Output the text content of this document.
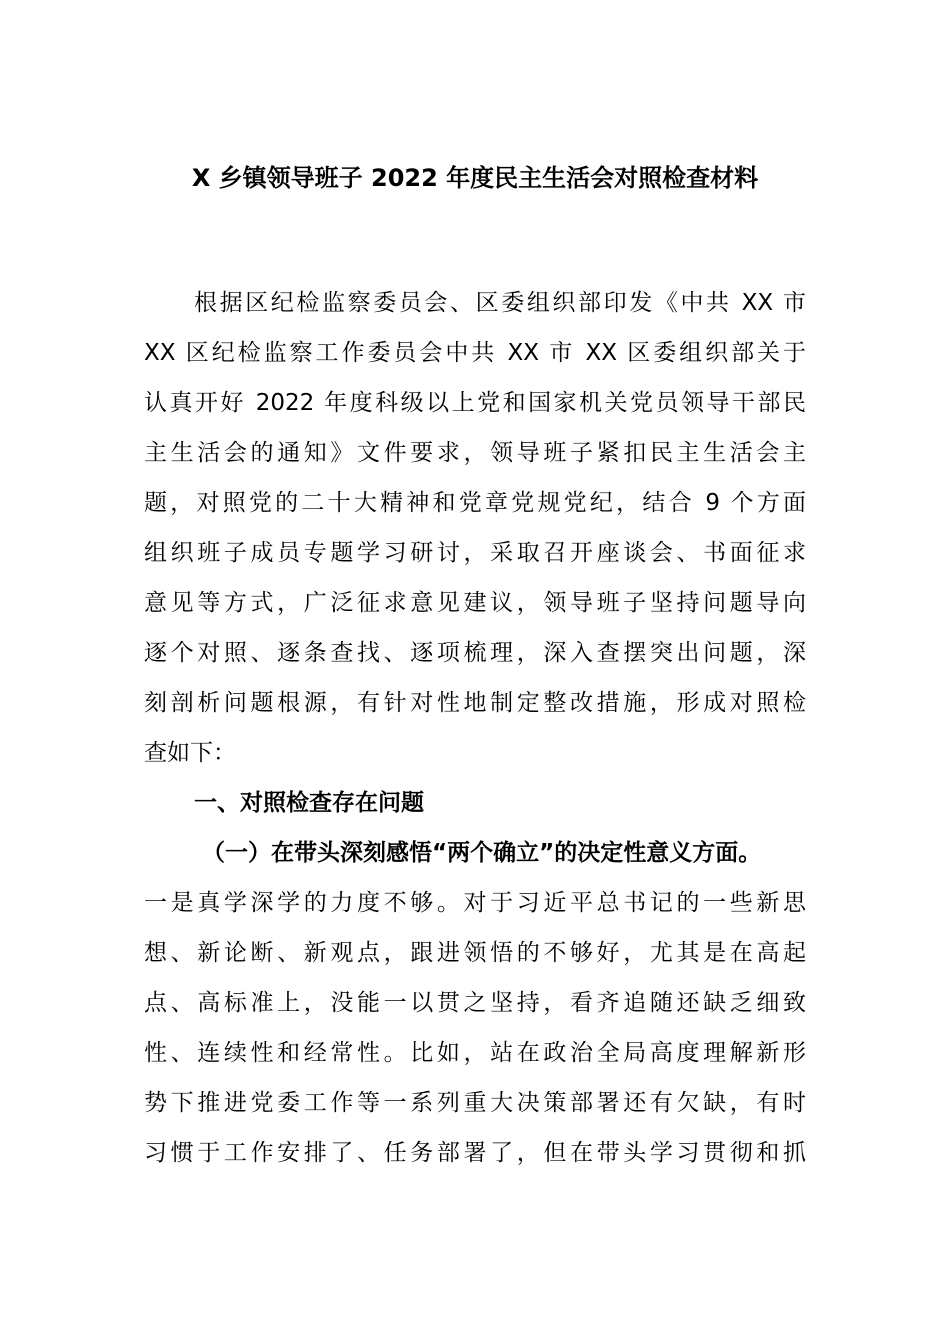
X 乡镇领导班子 2022 年度民主生活会对照检查材料
根据区纪检监察委员会、区委组织部印发《中共 XX 市
XX 区纪检监察工作委员会中共 XX 市 XX 区委组织部关于
认真开好 2022 年度科级以上党和国家机关党员领导干部民
主生活会的通知》文件要求，领导班子紧扣民主生活会主
题，对照党的二十大精神和党章党规党纪，结合 9 个方面
组织班子成员专题学习研讨，采取召开座谈会、书面征求
意见等方式，广泛征求意见建议，领导班子坚持问题导向
逐个对照、逐条查找、逐项梳理，深入查摆突出问题，深
刻剖析问题根源，有针对性地制定整改措施，形成对照检
查如下：
一、对照检查存在问题
（一）在带头深刻感悟“两个确立”的决定性意义方面。
一是真学深学的力度不够。对于习近平总书记的一些新思
想、新论断、新观点，跟进领悟的不够好，尤其是在高起
点、高标准上，没能一以贯之坚持，看齐追随还缺乏细致
性、连续性和经常性。比如，站在政治全局高度理解新形
势下推进党委工作等一系列重大决策部署还有欠缺，有时
习惯于工作安排了、任务部署了，但在带头学习贯彻和抓
